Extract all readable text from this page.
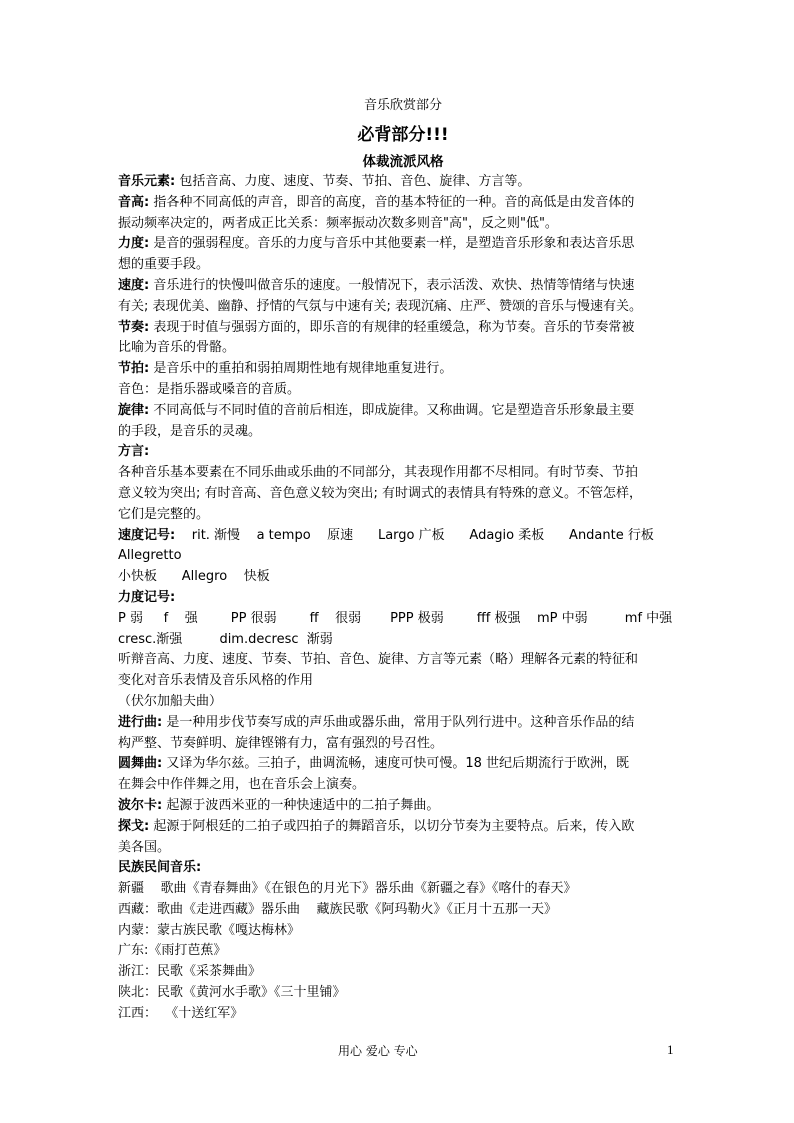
音乐欣赏部分
必背部分!!!
体裁流派风格

音乐元素: 包括音高、力度、速度、节奏、节拍、音色、旋律、方言等。

音高: 指各种不同高低的声音，即音的高度，音的基本特征的一种。音的高低是由发音体的
振动频率决定的，两者成正比关系：频率振动次数多则音"高"，反之则"低"。

力度: 是音的强弱程度。音乐的力度与音乐中其他要素一样，是塑造音乐形象和表达音乐思
想的重要手段。

速度: 音乐进行的快慢叫做音乐的速度。一般情况下，表示活泼、欢快、热情等情绪与快速
有关; 表现优美、幽静、抒情的气氛与中速有关; 表现沉痛、庄严、赞颂的音乐与慢速有关。

节奏: 表现于时值与强弱方面的，即乐音的有规律的轻重缓急，称为节奏。音乐的节奏常被
比喻为音乐的骨骼。

节拍: 是音乐中的重拍和弱拍周期性地有规律地重复进行。

音色：是指乐器或嗓音的音质。

旋律: 不同高低与不同时值的音前后相连，即成旋律。又称曲调。它是塑造音乐形象最主要
的手段，是音乐的灵魂。

方言:

各种音乐基本要素在不同乐曲或乐曲的不同部分，其表现作用都不尽相同。有时节奏、节拍
意义较为突出; 有时音高、音色意义较为突出; 有时调式的表情具有特殊的意义。不管怎样，
它们是完整的。

速度记号:    rit. 渐慢    a tempo    原速      Largo 广板      Adagio 柔板      Andante 行板      Allegretto
小快板      Allegro    快板

力度记号:

P 弱     f    强        PP 很弱        ff    很弱       PPP 极弱        fff 极强    mP 中弱         mf 中强
cresc.渐强         dim.decresc  渐弱

听辩音高、力度、速度、节奏、节拍、音色、旋律、方言等元素（略）理解各元素的特征和
变化对音乐表情及音乐风格的作用

（伏尔加船夫曲）

进行曲: 是一种用步伐节奏写成的声乐曲或器乐曲，常用于队列行进中。这种音乐作品的结
构严整、节奏鲜明、旋律铿锵有力，富有强烈的号召性。

圆舞曲: 又译为华尔兹。三拍子，曲调流畅，速度可快可慢。18 世纪后期流行于欧洲，既
在舞会中作伴舞之用，也在音乐会上演奏。

波尔卡: 起源于波西米亚的一种快速适中的二拍子舞曲。

探戈: 起源于阿根廷的二拍子或四拍子的舞蹈音乐，以切分节奏为主要特点。后来，传入欧
美各国。

民族民间音乐:

新疆    歌曲《青春舞曲》《在银色的月光下》器乐曲《新疆之春》《喀什的春天》

西藏：歌曲《走进西藏》器乐曲    藏族民歌《阿玛勒火》《正月十五那一天》

内蒙：蒙古族民歌《嘎达梅林》

广东:《雨打芭蕉》

浙江：民歌《采茶舞曲》

陕北：民歌《黄河水手歌》《三十里铺》

江西：  《十送红军》

用心 爱心 专心	1
